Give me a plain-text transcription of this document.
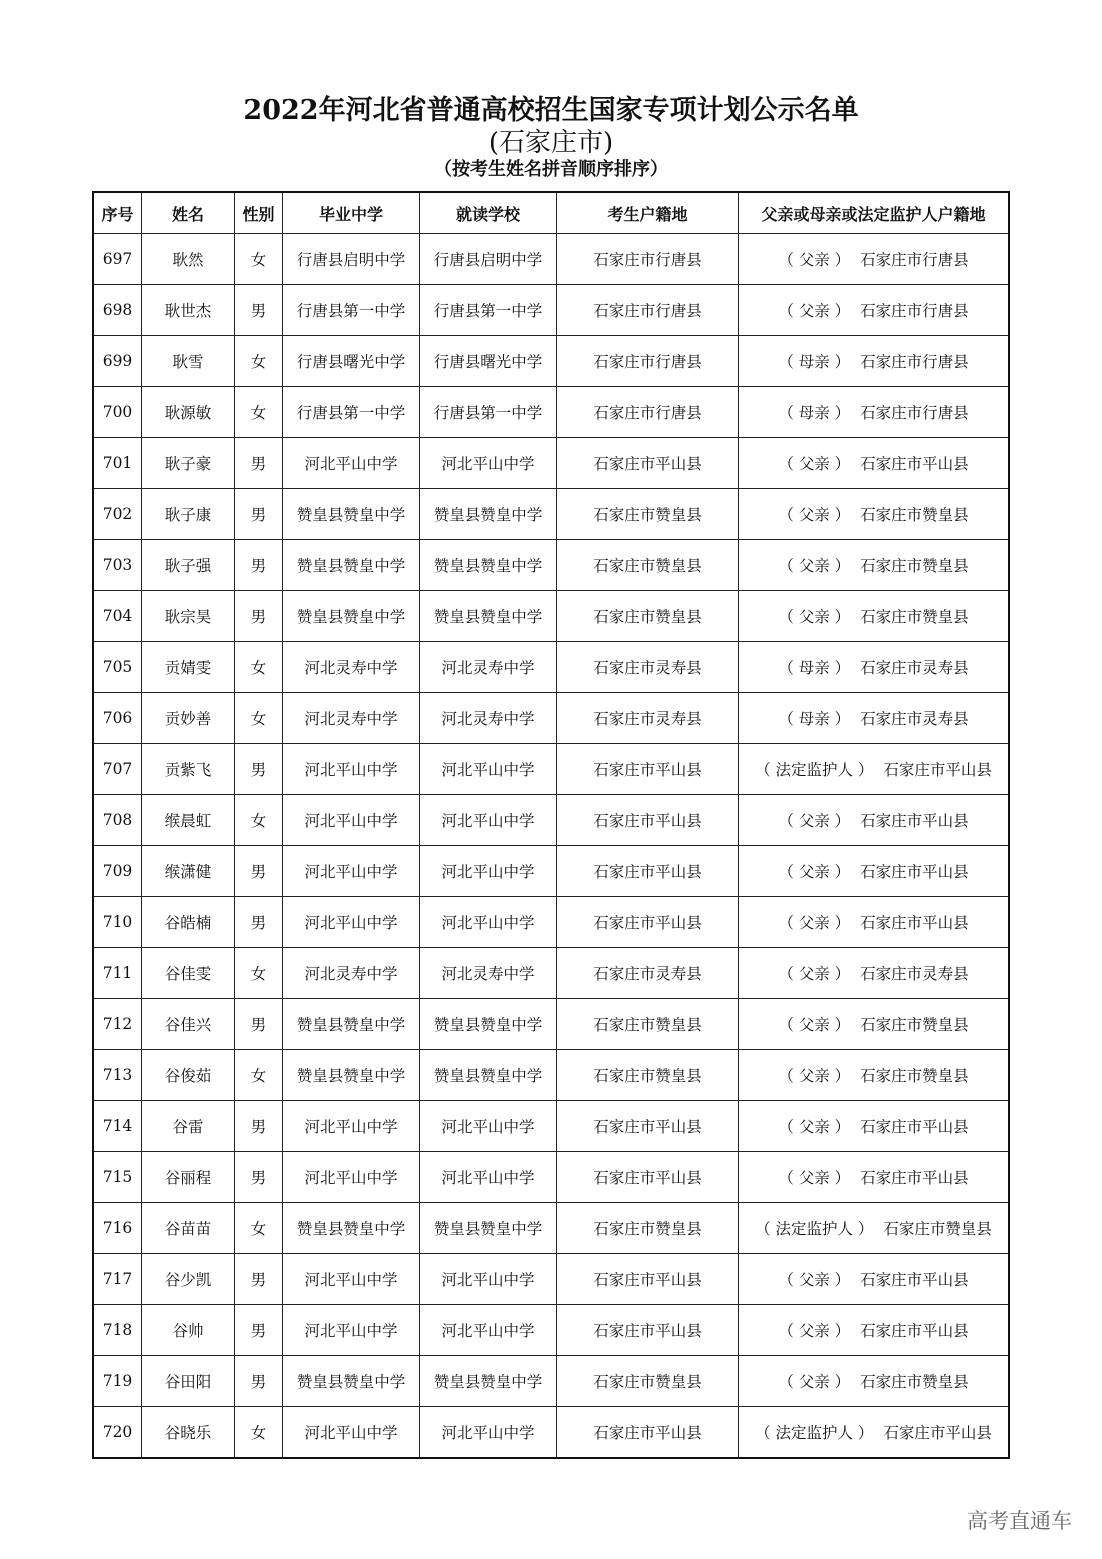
2022年河北省普通高校招生国家专项计划公示名单
(石家庄市)
（按考生姓名拼音顺序排序）
序号	姓名	性别	毕业中学	就读学校	考生户籍地	父亲或母亲或法定监护人户籍地
697	耿然	女	行唐县启明中学	行唐县启明中学	石家庄市行唐县	（ 父亲 ） 石家庄市行唐县
698	耿世杰	男	行唐县第一中学	行唐县第一中学	石家庄市行唐县	（ 父亲 ） 石家庄市行唐县
699	耿雪	女	行唐县曙光中学	行唐县曙光中学	石家庄市行唐县	（ 母亲 ） 石家庄市行唐县
700	耿源敏	女	行唐县第一中学	行唐县第一中学	石家庄市行唐县	（ 母亲 ） 石家庄市行唐县
701	耿子豪	男	河北平山中学	河北平山中学	石家庄市平山县	（ 父亲 ） 石家庄市平山县
702	耿子康	男	赞皇县赞皇中学	赞皇县赞皇中学	石家庄市赞皇县	（ 父亲 ） 石家庄市赞皇县
703	耿子强	男	赞皇县赞皇中学	赞皇县赞皇中学	石家庄市赞皇县	（ 父亲 ） 石家庄市赞皇县
704	耿宗昊	男	赞皇县赞皇中学	赞皇县赞皇中学	石家庄市赞皇县	（ 父亲 ） 石家庄市赞皇县
705	贡婧雯	女	河北灵寿中学	河北灵寿中学	石家庄市灵寿县	（ 母亲 ） 石家庄市灵寿县
706	贡妙善	女	河北灵寿中学	河北灵寿中学	石家庄市灵寿县	（ 母亲 ） 石家庄市灵寿县
707	贡紫飞	男	河北平山中学	河北平山中学	石家庄市平山县	（ 法定监护人 ） 石家庄市平山县
708	缑晨虹	女	河北平山中学	河北平山中学	石家庄市平山县	（ 父亲 ） 石家庄市平山县
709	缑潇健	男	河北平山中学	河北平山中学	石家庄市平山县	（ 父亲 ） 石家庄市平山县
710	谷皓楠	男	河北平山中学	河北平山中学	石家庄市平山县	（ 父亲 ） 石家庄市平山县
711	谷佳雯	女	河北灵寿中学	河北灵寿中学	石家庄市灵寿县	（ 父亲 ） 石家庄市灵寿县
712	谷佳兴	男	赞皇县赞皇中学	赞皇县赞皇中学	石家庄市赞皇县	（ 父亲 ） 石家庄市赞皇县
713	谷俊茹	女	赞皇县赞皇中学	赞皇县赞皇中学	石家庄市赞皇县	（ 父亲 ） 石家庄市赞皇县
714	谷雷	男	河北平山中学	河北平山中学	石家庄市平山县	（ 父亲 ） 石家庄市平山县
715	谷丽程	男	河北平山中学	河北平山中学	石家庄市平山县	（ 父亲 ） 石家庄市平山县
716	谷苗苗	女	赞皇县赞皇中学	赞皇县赞皇中学	石家庄市赞皇县	（ 法定监护人 ） 石家庄市赞皇县
717	谷少凯	男	河北平山中学	河北平山中学	石家庄市平山县	（ 父亲 ） 石家庄市平山县
718	谷帅	男	河北平山中学	河北平山中学	石家庄市平山县	（ 父亲 ） 石家庄市平山县
719	谷田阳	男	赞皇县赞皇中学	赞皇县赞皇中学	石家庄市赞皇县	（ 父亲 ） 石家庄市赞皇县
720	谷晓乐	女	河北平山中学	河北平山中学	石家庄市平山县	（ 法定监护人 ） 石家庄市平山县
高考直通车
